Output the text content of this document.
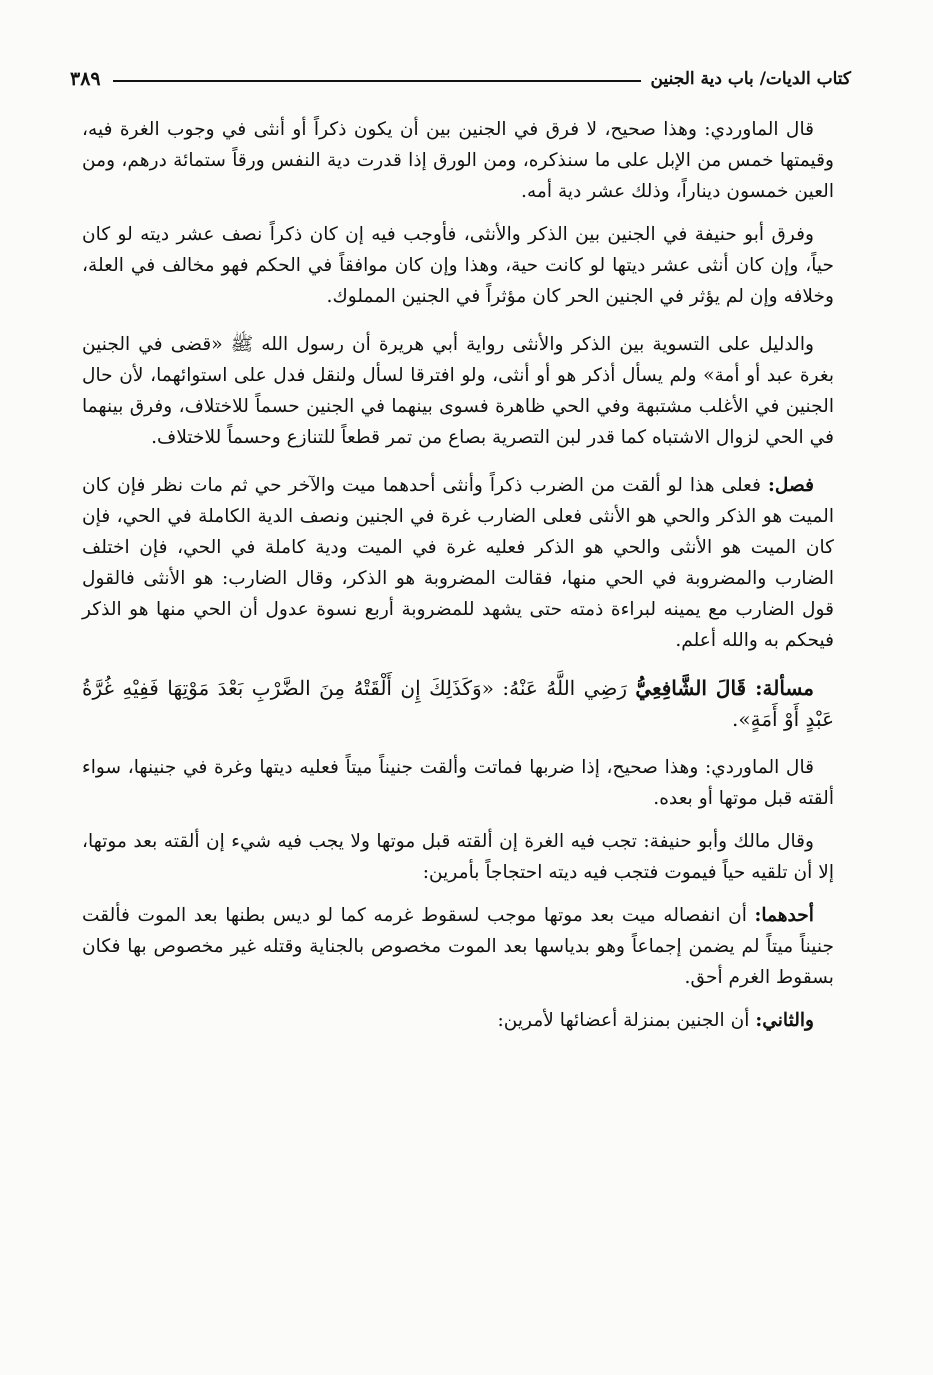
كتاب الديات/ باب دية الجنين
٣٨٩

قال الماوردي: وهذا صحيح، لا فرق في الجنين بين أن يكون ذكراً أو أنثى في وجوب الغرة فيه، وقيمتها خمس من الإبل على ما سنذكره، ومن الورق إذا قدرت دية النفس ورقاً ستمائة درهم، ومن العين خمسون ديناراً، وذلك عشر دية أمه.

وفرق أبو حنيفة في الجنين بين الذكر والأنثى، فأوجب فيه إن كان ذكراً نصف عشر ديته لو كان حياً، وإن كان أنثى عشر ديتها لو كانت حية، وهذا وإن كان موافقاً في الحكم فهو مخالف في العلة، وخلافه وإن لم يؤثر في الجنين الحر كان مؤثراً في الجنين المملوك.

والدليل على التسوية بين الذكر والأنثى رواية أبي هريرة أن رسول الله ﷺ «قضى في الجنين بغرة عبد أو أمة» ولم يسأل أذكر هو أو أنثى، ولو افترقا لسأل ولنقل فدل على استوائهما، لأن حال الجنين في الأغلب مشتبهة وفي الحي ظاهرة فسوى بينهما في الجنين حسماً للاختلاف، وفرق بينهما في الحي لزوال الاشتباه كما قدر لبن التصرية بصاع من تمر قطعاً للتنازع وحسماً للاختلاف.

فصل: فعلى هذا لو ألقت من الضرب ذكراً وأنثى أحدهما ميت والآخر حي ثم مات نظر فإن كان الميت هو الذكر والحي هو الأنثى فعلى الضارب غرة في الجنين ونصف الدية الكاملة في الحي، فإن كان الميت هو الأنثى والحي هو الذكر فعليه غرة في الميت ودية كاملة في الحي، فإن اختلف الضارب والمضروبة في الحي منها، فقالت المضروبة هو الذكر، وقال الضارب: هو الأنثى فالقول قول الضارب مع يمينه لبراءة ذمته حتى يشهد للمضروبة أربع نسوة عدول أن الحي منها هو الذكر فيحكم به والله أعلم.

مسألة: قَالَ الشَّافِعِيُّ رَضِي اللَّهُ عَنْهُ: «وَكَذَلِكَ إِن أَلْقَتْهُ مِنَ الضَّرْبِ بَعْدَ مَوْتِهَا فَفِيْهِ غُرَّةُ عَبْدٍ أَوْ أَمَةٍ».

قال الماوردي: وهذا صحيح، إذا ضربها فماتت وألقت جنيناً ميتاً فعليه ديتها وغرة في جنينها، سواء ألقته قبل موتها أو بعده.

وقال مالك وأبو حنيفة: تجب فيه الغرة إن ألقته قبل موتها ولا يجب فيه شيء إن ألقته بعد موتها، إلا أن تلقيه حياً فيموت فتجب فيه ديته احتجاجاً بأمرين:

أحدهما: أن انفصاله ميت بعد موتها موجب لسقوط غرمه كما لو ديس بطنها بعد الموت فألقت جنيناً ميتاً لم يضمن إجماعاً وهو بدياسها بعد الموت مخصوص بالجناية وقتله غير مخصوص بها فكان بسقوط الغرم أحق.

والثاني: أن الجنين بمنزلة أعضائها لأمرين:
